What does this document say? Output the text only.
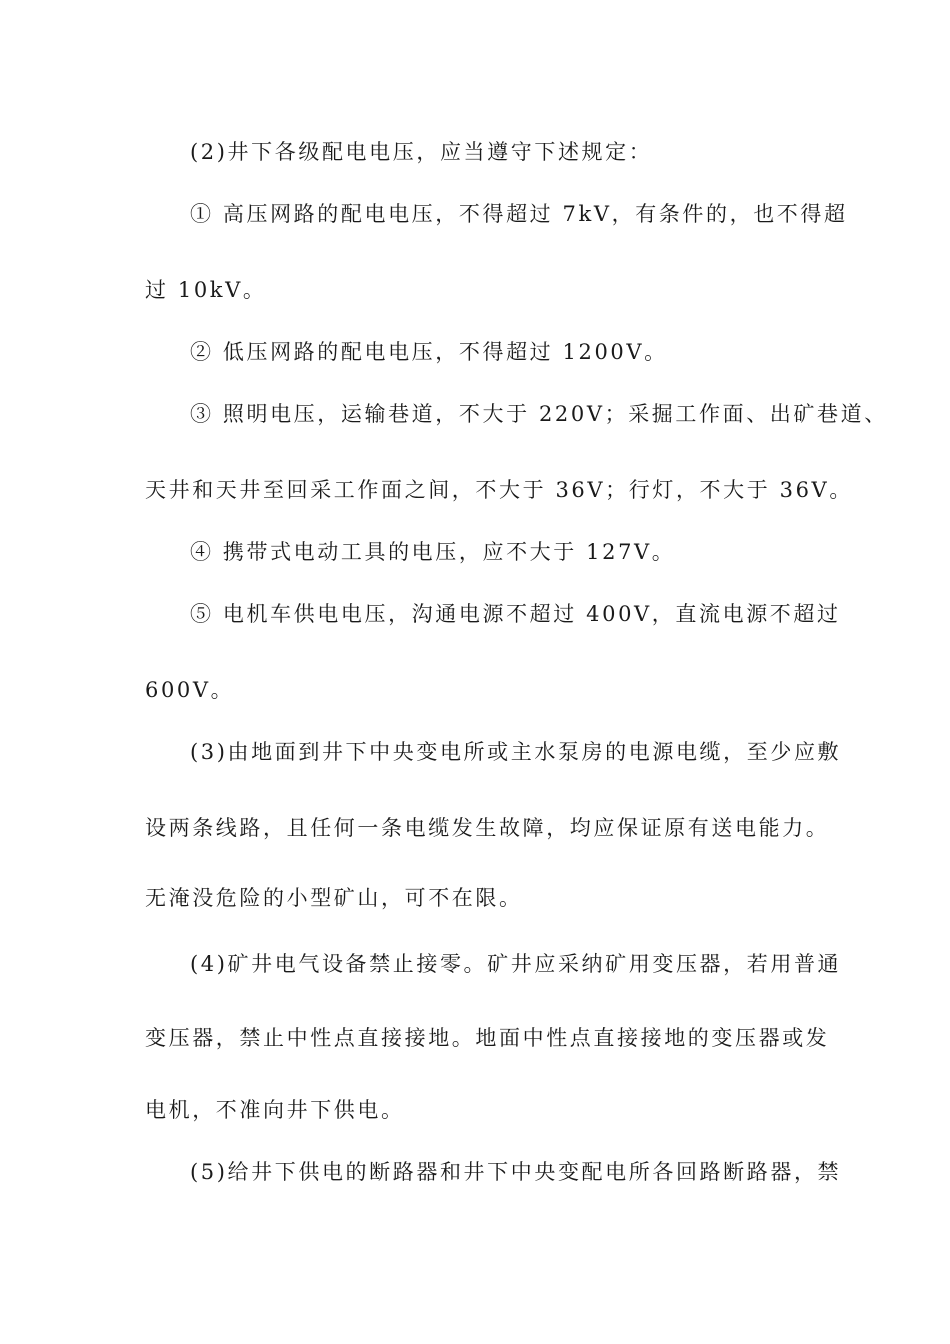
(2)井下各级配电电压，应当遵守下述规定：
① 高压网路的配电电压，不得超过 7kV，有条件的，也不得超
过 10kV。
② 低压网路的配电电压，不得超过 1200V。
③ 照明电压，运输巷道，不大于 220V；采掘工作面、出矿巷道、
天井和天井至回采工作面之间，不大于 36V；行灯，不大于 36V。
④ 携带式电动工具的电压，应不大于 127V。
⑤ 电机车供电电压，沟通电源不超过 400V，直流电源不超过
600V。
(3)由地面到井下中央变电所或主水泵房的电源电缆，至少应敷
设两条线路，且任何一条电缆发生故障，均应保证原有送电能力。
无淹没危险的小型矿山，可不在限。
(4)矿井电气设备禁止接零。矿井应采纳矿用变压器，若用普通
变压器，禁止中性点直接接地。地面中性点直接接地的变压器或发
电机，不准向井下供电。
(5)给井下供电的断路器和井下中央变配电所各回路断路器，禁
